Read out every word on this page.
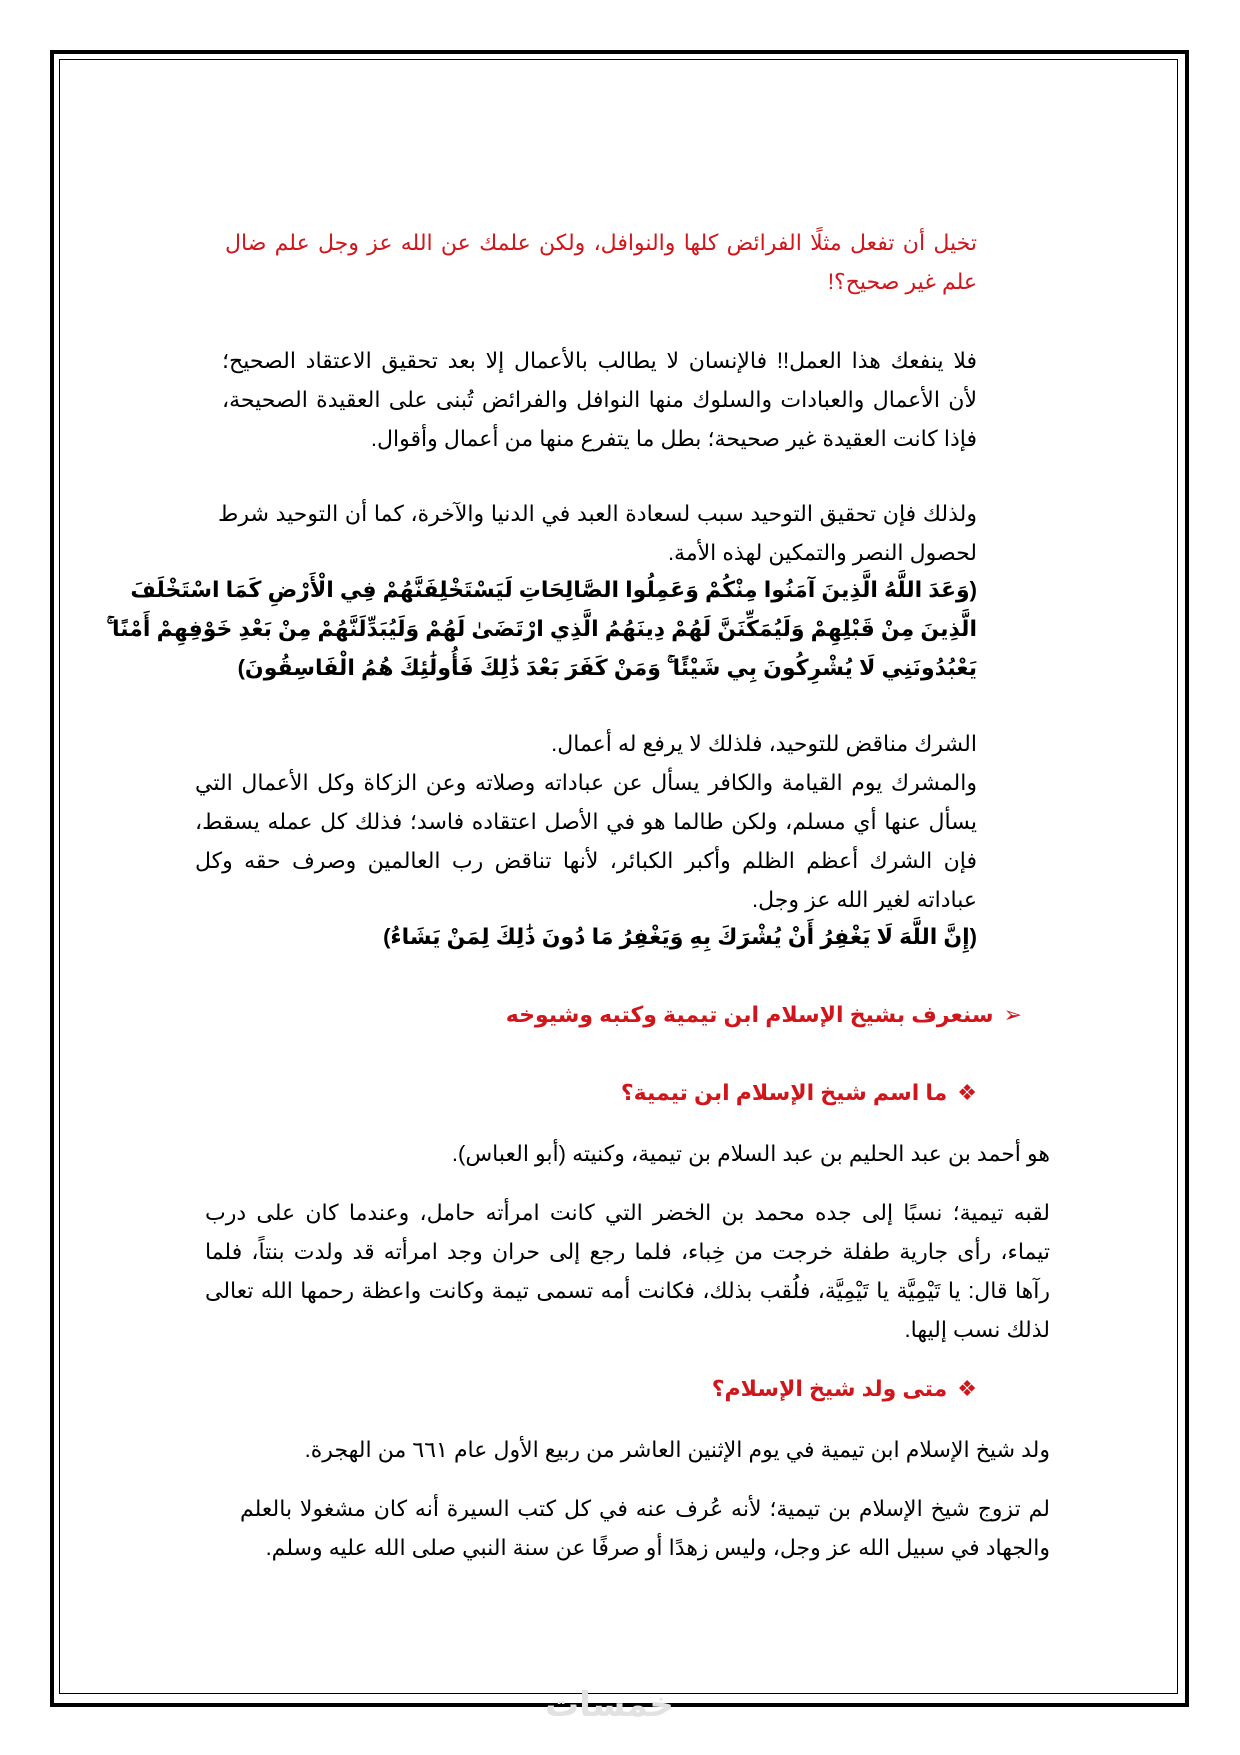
تخيل أن تفعل مثلًا الفرائض كلها والنوافل، ولكن علمك عن الله عز وجل علم ضال
علم غير صحيح؟!
فلا ينفعك هذا العمل!! فالإنسان لا يطالب بالأعمال إلا بعد تحقيق الاعتقاد الصحيح؛
لأن الأعمال والعبادات والسلوك منها النوافل والفرائض تُبنى على العقيدة الصحيحة،
فإذا كانت العقيدة غير صحيحة؛ بطل ما يتفرع منها من أعمال وأقوال.
ولذلك فإن تحقيق التوحيد سبب لسعادة العبد في الدنيا والآخرة، كما أن التوحيد شرط
لحصول النصر والتمكين لهذه الأمة.
(وَعَدَ اللَّهُ الَّذِينَ آمَنُوا مِنْكُمْ وَعَمِلُوا الصَّالِحَاتِ لَيَسْتَخْلِفَنَّهُمْ فِي الْأَرْضِ كَمَا اسْتَخْلَفَ
الَّذِينَ مِنْ قَبْلِهِمْ وَلَيُمَكِّنَنَّ لَهُمْ دِينَهُمُ الَّذِي ارْتَضَىٰ لَهُمْ وَلَيُبَدِّلَنَّهُمْ مِنْ بَعْدِ خَوْفِهِمْ أَمْنًا ۚ
يَعْبُدُونَنِي لَا يُشْرِكُونَ بِي شَيْئًا ۚ وَمَنْ كَفَرَ بَعْدَ ذَٰلِكَ فَأُولَٰئِكَ هُمُ الْفَاسِقُونَ)
الشرك مناقض للتوحيد، فلذلك لا يرفع له أعمال.
والمشرك يوم القيامة والكافر يسأل عن عباداته وصلاته وعن الزكاة وكل الأعمال التي
يسأل عنها أي مسلم، ولكن طالما هو في الأصل اعتقاده فاسد؛ فذلك كل عمله يسقط،
فإن الشرك أعظم الظلم وأكبر الكبائر، لأنها تناقض رب العالمين وصرف حقه وكل
عباداته لغير الله عز وجل.
(إِنَّ اللَّهَ لَا يَغْفِرُ أَنْ يُشْرَكَ بِهِ وَيَغْفِرُ مَا دُونَ ذَٰلِكَ لِمَنْ يَشَاءُ)
➢سنعرف بشيخ الإسلام ابن تيمية وكتبه وشيوخه
❖ما اسم شيخ الإسلام ابن تيمية؟
هو أحمد بن عبد الحليم بن عبد السلام بن تيمية، وكنيته (أبو العباس).
لقبه تيمية؛ نسبًا إلى جده محمد بن الخضر التي كانت امرأته حامل، وعندما كان على درب
تيماء، رأى جارية طفلة خرجت من خِباء، فلما رجع إلى حران وجد امرأته قد ولدت بنتاً، فلما
رآها قال: يا تَيْمِيَّة يا تَيْمِيَّة، فلُقب بذلك، فكانت أمه تسمى تيمة وكانت واعظة رحمها الله تعالى
لذلك نسب إليها.
❖متى ولد شيخ الإسلام؟
ولد شيخ الإسلام ابن تيمية في يوم الإثنين العاشر من ربيع الأول عام ٦٦١ من الهجرة.
لم تزوج شيخ الإسلام بن تيمية؛ لأنه عُرف عنه في كل كتب السيرة أنه كان مشغولا بالعلم
والجهاد في سبيل الله عز وجل، وليس زهدًا أو صرفًا عن سنة النبي صلى الله عليه وسلم.
خمسات
